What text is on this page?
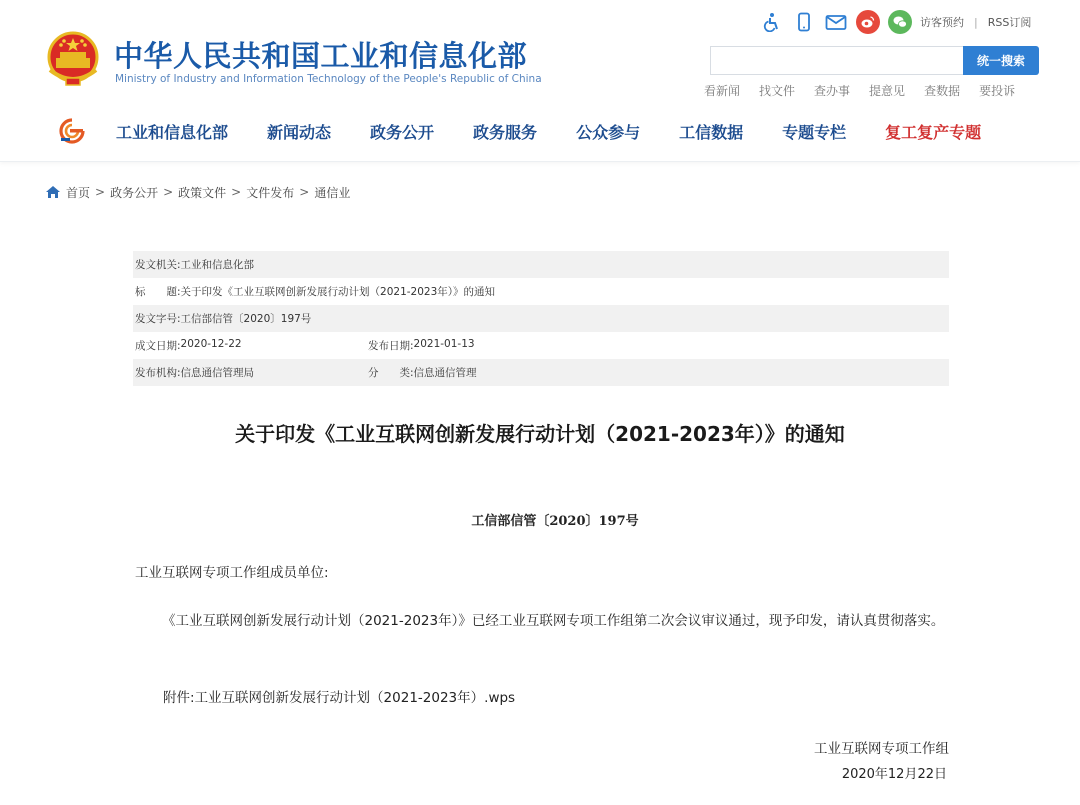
中华人民共和国工业和信息化部
Ministry of Industry and Information Technology of the People's Republic of China
访客预约 | RSS订阅
统一搜索
看新闻 找文件 查办事 提意见 查数据 要投诉
工业和信息化部 新闻动态 政务公开 政务服务 公众参与 工信数据 专题专栏 复工复产专题
首页 > 政务公开 > 政策文件 > 文件发布 > 通信业
发文机关: 工业和信息化部
标　　题: 关于印发《工业互联网创新发展行动计划（2021-2023年）》的通知
发文字号: 工信部信管〔2020〕197号
成文日期: 2020-12-22	发布日期: 2021-01-13
发布机构: 信息通信管理局	分　　类: 信息通信管理
关于印发《工业互联网创新发展行动计划（2021-2023年）》的通知
工信部信管〔2020〕197号
工业互联网专项工作组成员单位:
《工业互联网创新发展行动计划（2021-2023年）》已经工业互联网专项工作组第二次会议审议通过，现予印发，请认真贯彻落实。
附件:工业互联网创新发展行动计划（2021-2023年）.wps
工业互联网专项工作组
2020年12月22日
